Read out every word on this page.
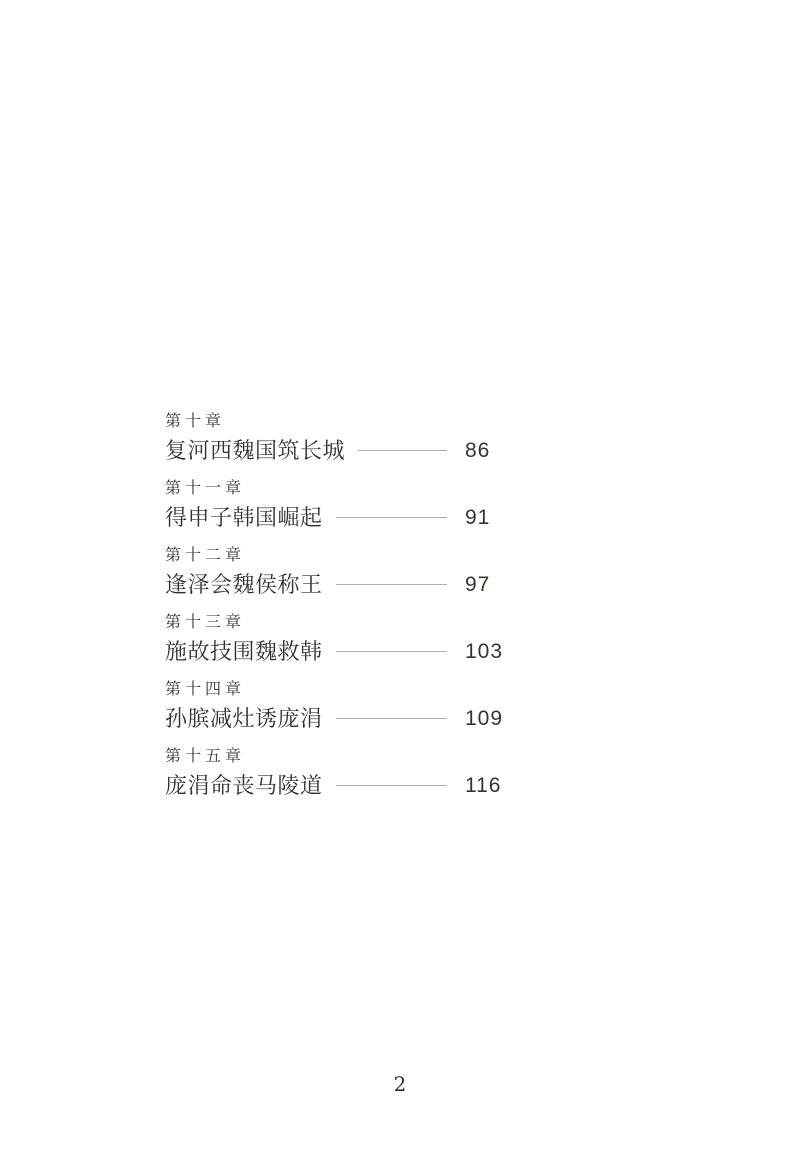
第十章
复河西魏国筑长城	86
第十一章
得申子韩国崛起	91
第十二章
逢泽会魏侯称王	97
第十三章
施故技围魏救韩	103
第十四章
孙膑减灶诱庞涓	109
第十五章
庞涓命丧马陵道	116
2
